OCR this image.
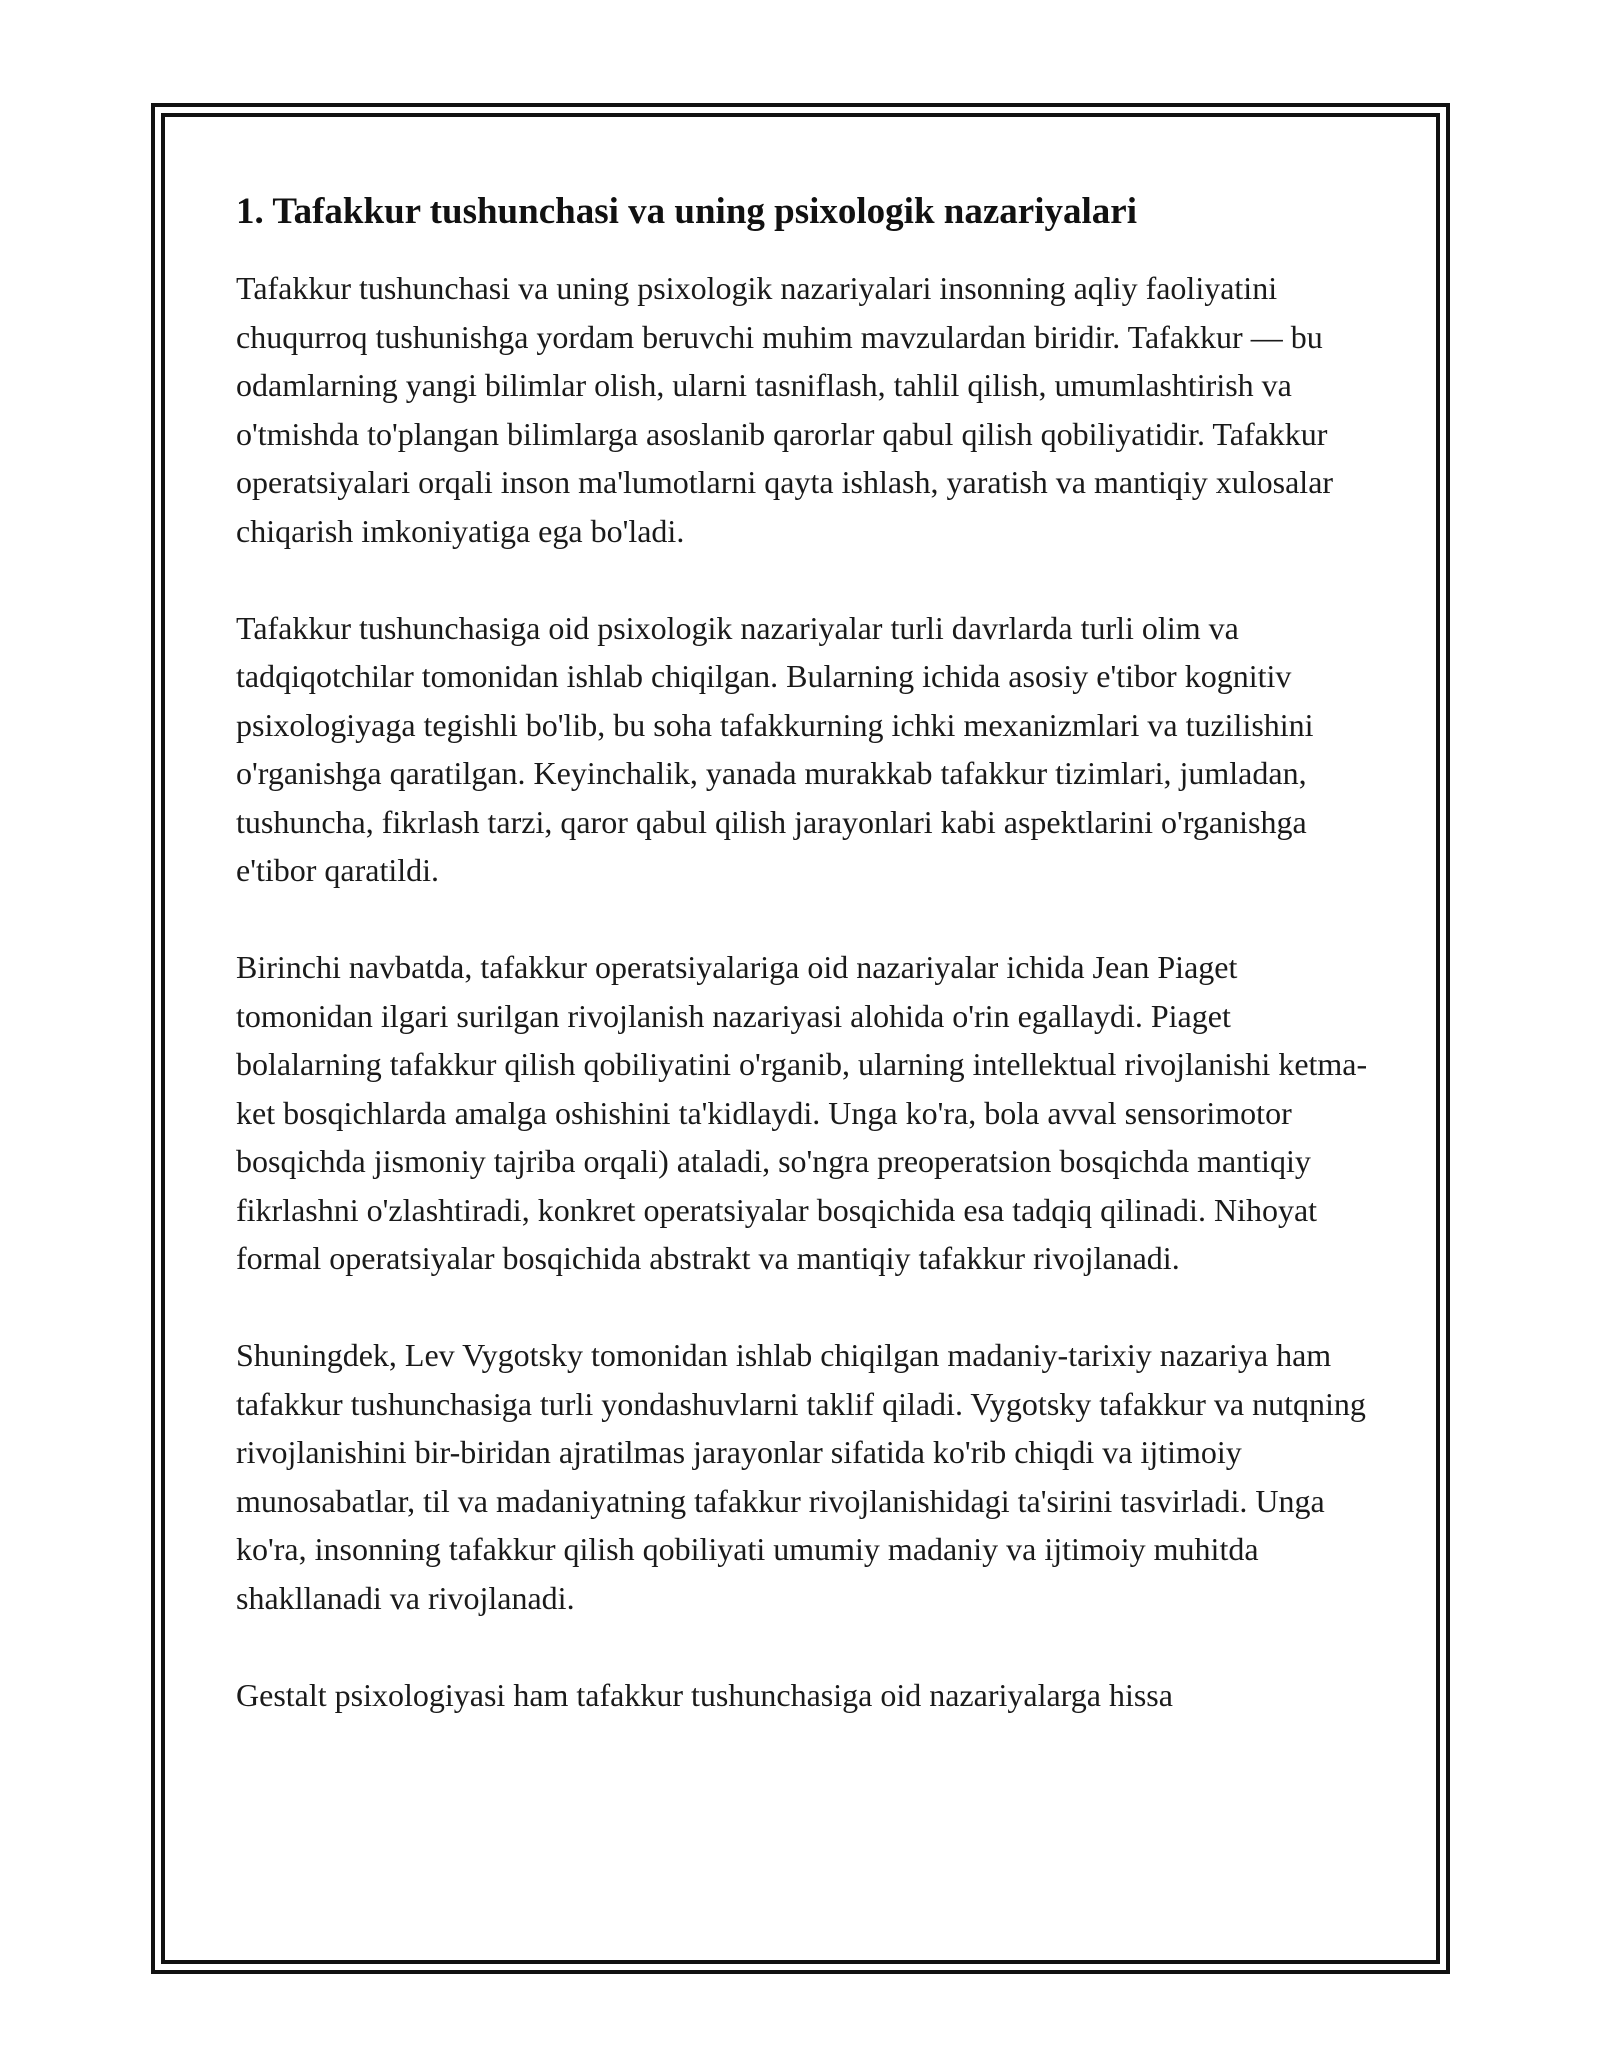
1. Tafakkur tushunchasi va uning psixologik nazariyalari

Tafakkur tushunchasi va uning psixologik nazariyalari insonning aqliy faoliyatini chuqurroq tushunishga yordam beruvchi muhim mavzulardan biridir. Tafakkur — bu odamlarning yangi bilimlar olish, ularni tasniflash, tahlil qilish, umumlashtirish va o'tmishda to'plangan bilimlarga asoslanib qarorlar qabul qilish qobiliyatidir. Tafakkur operatsiyalari orqali inson ma'lumotlarni qayta ishlash, yaratish va mantiqiy xulosalar chiqarish imkoniyatiga ega bo'ladi.

Tafakkur tushunchasiga oid psixologik nazariyalar turli davrlarda turli olim va tadqiqotchilar tomonidan ishlab chiqilgan. Bularning ichida asosiy e'tibor kognitiv psixologiyaga tegishli bo'lib, bu soha tafakkurning ichki mexanizmlari va tuzilishini o'rganishga qaratilgan. Keyinchalik, yanada murakkab tafakkur tizimlari, jumladan, tushuncha, fikrlash tarzi, qaror qabul qilish jarayonlari kabi aspektlarini o'rganishga e'tibor qaratildi.

Birinchi navbatda, tafakkur operatsiyalariga oid nazariyalar ichida Jean Piaget tomonidan ilgari surilgan rivojlanish nazariyasi alohida o'rin egallaydi. Piaget bolalarning tafakkur qilish qobiliyatini o'rganib, ularning intellektual rivojlanishi ketma-ket bosqichlarda amalga oshishini ta'kidlaydi. Unga ko'ra, bola avval sensorimotor bosqichda jismoniy tajriba orqali) ataladi, so'ngra preoperatsion bosqichda mantiqiy fikrlashni o'zlashtiradi, konkret operatsiyalar bosqichida esa tadqiq qilinadi. Nihoyat formal operatsiyalar bosqichida abstrakt va mantiqiy tafakkur rivojlanadi.

Shuningdek, Lev Vygotsky tomonidan ishlab chiqilgan madaniy-tarixiy nazariya ham tafakkur tushunchasiga turli yondashuvlarni taklif qiladi. Vygotsky tafakkur va nutqning rivojlanishini bir-biridan ajratilmas jarayonlar sifatida ko'rib chiqdi va ijtimoiy munosabatlar, til va madaniyatning tafakkur rivojlanishidagi ta'sirini tasvirladi. Unga ko'ra, insonning tafakkur qilish qobiliyati umumiy madaniy va ijtimoiy muhitda shakllanadi va rivojlanadi.

Gestalt psixologiyasi ham tafakkur tushunchasiga oid nazariyalarga hissa
